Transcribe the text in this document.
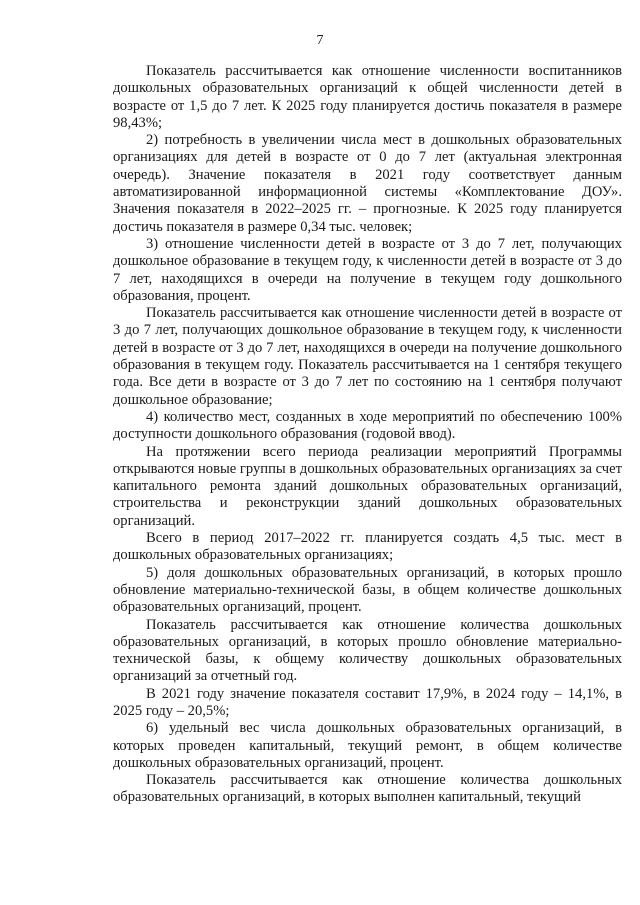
7

Показатель рассчитывается как отношение численности воспитанников дошкольных образовательных организаций к общей численности детей в возрасте от 1,5 до 7 лет. К 2025 году планируется достичь показателя в размере 98,43%;

2) потребность в увеличении числа мест в дошкольных образовательных организациях для детей в возрасте от 0 до 7 лет (актуальная электронная очередь). Значение показателя в 2021 году соответствует данным автоматизированной информационной системы «Комплектование ДОУ». Значения показателя в 2022–2025 гг. – прогнозные. К 2025 году планируется достичь показателя в размере 0,34 тыс. человек;

3) отношение численности детей в возрасте от 3 до 7 лет, получающих дошкольное образование в текущем году, к численности детей в возрасте от 3 до 7 лет, находящихся в очереди на получение в текущем году дошкольного образования, процент.

Показатель рассчитывается как отношение численности детей в возрасте от 3 до 7 лет, получающих дошкольное образование в текущем году, к численности детей в возрасте от 3 до 7 лет, находящихся в очереди на получение дошкольного образования в текущем году. Показатель рассчитывается на 1 сентября текущего года. Все дети в возрасте от 3 до 7 лет по состоянию на 1 сентября получают дошкольное образование;

4) количество мест, созданных в ходе мероприятий по обеспечению 100% доступности дошкольного образования (годовой ввод).

На протяжении всего периода реализации мероприятий Программы открываются новые группы в дошкольных образовательных организациях за счет капитального ремонта зданий дошкольных образовательных организаций, строительства и реконструкции зданий дошкольных образовательных организаций.

Всего в период 2017–2022 гг. планируется создать 4,5 тыс. мест в дошкольных образовательных организациях;

5) доля дошкольных образовательных организаций, в которых прошло обновление материально-технической базы, в общем количестве дошкольных образовательных организаций, процент.

Показатель рассчитывается как отношение количества дошкольных образовательных организаций, в которых прошло обновление материально-технической базы, к общему количеству дошкольных образовательных организаций за отчетный год.

В 2021 году значение показателя составит 17,9%, в 2024 году – 14,1%, в 2025 году – 20,5%;

6) удельный вес числа дошкольных образовательных организаций, в которых проведен капитальный, текущий ремонт, в общем количестве дошкольных образовательных организаций, процент.

Показатель рассчитывается как отношение количества дошкольных образовательных организаций, в которых выполнен капитальный, текущий
